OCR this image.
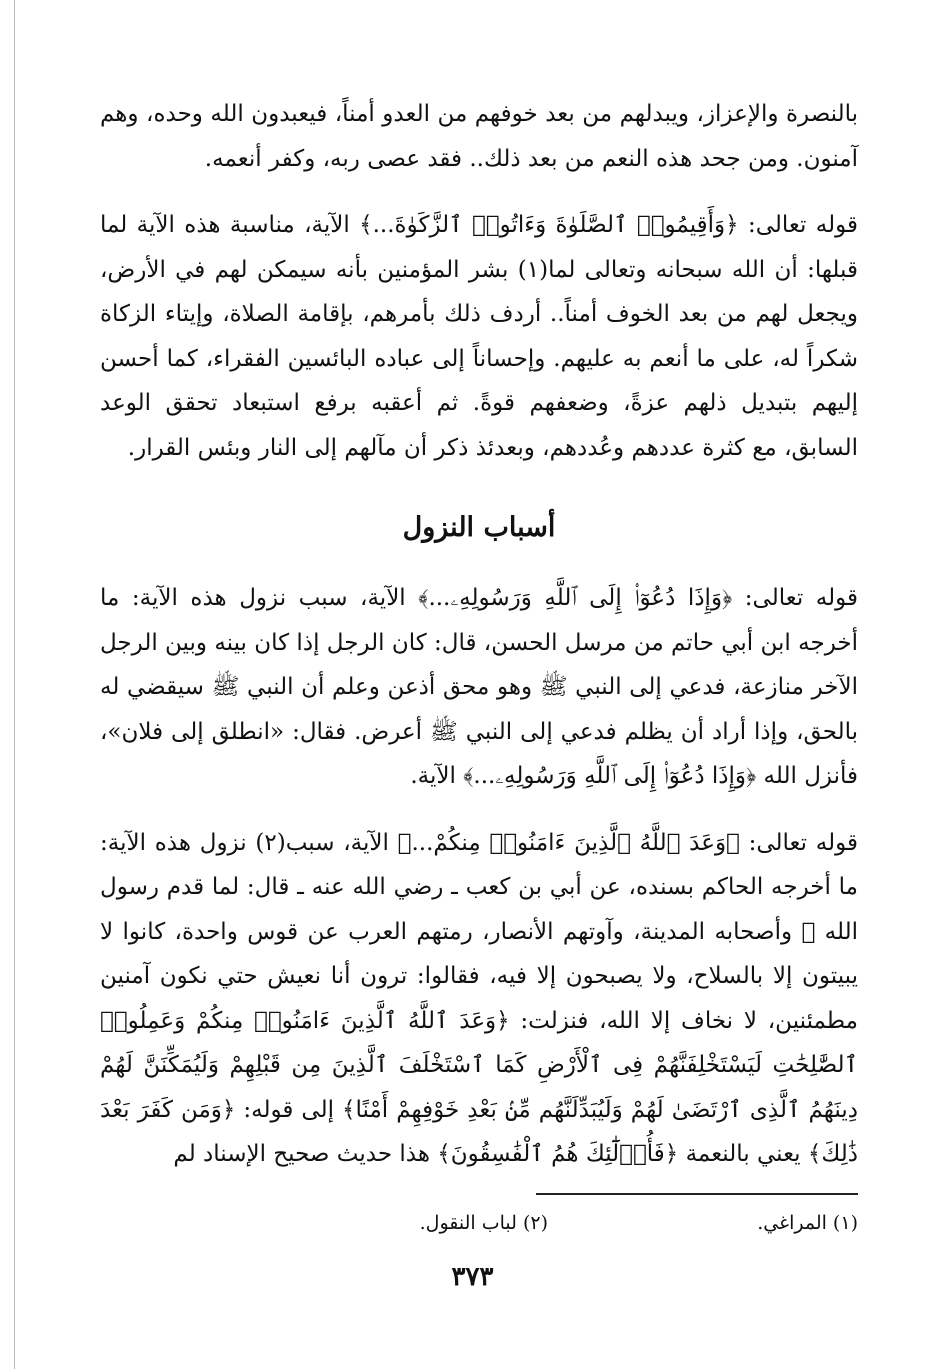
بالنصرة والإعزاز، ويبدلهم من بعد خوفهم من العدو أمناً، فيعبدون الله وحده، وهم آمنون. ومن جحد هذه النعم من بعد ذلك.. فقد عصى ربه، وكفر أنعمه.

قوله تعالى: ﴿وَأَقِيمُوا۟ ٱلصَّلَوٰةَ وَءَاتُوا۟ ٱلزَّكَوٰةَ...﴾ الآية، مناسبة هذه الآية لما قبلها: أن الله سبحانه وتعالى لما(١) بشر المؤمنين بأنه سيمكن لهم في الأرض، ويجعل لهم من بعد الخوف أمناً.. أردف ذلك بأمرهم، بإقامة الصلاة، وإيتاء الزكاة شكراً له، على ما أنعم به عليهم. وإحساناً إلى عباده البائسين الفقراء، كما أحسن إليهم بتبديل ذلهم عزةً، وضعفهم قوةً. ثم أعقبه برفع استبعاد تحقق الوعد السابق، مع كثرة عددهم وعُددهم، وبعدئذ ذكر أن مآلهم إلى النار وبئس القرار.

أسباب النزول

قوله تعالى: ﴿وَإِذَا دُعُوٓا۟ إِلَى ٱللَّهِ وَرَسُولِهِۦ...﴾ الآية، سبب نزول هذه الآية: ما أخرجه ابن أبي حاتم من مرسل الحسن، قال: كان الرجل إذا كان بينه وبين الرجل الآخر منازعة، فدعي إلى النبي ﷺ وهو محق أذعن وعلم أن النبي ﷺ سيقضي له بالحق، وإذا أراد أن يظلم فدعي إلى النبي ﷺ أعرض. فقال: «انطلق إلى فلان»، فأنزل الله ﴿وَإِذَا دُعُوٓا۟ إِلَى ٱللَّهِ وَرَسُولِهِۦ...﴾ الآية.

قوله تعالى: ﴿وَعَدَ ٱللَّهُ ٱلَّذِينَ ءَامَنُوا۟ مِنكُمْ...﴾ الآية، سبب(٢) نزول هذه الآية: ما أخرجه الحاكم بسنده، عن أبي بن كعب ـ رضي الله عنه ـ قال: لما قدم رسول الله ﷺ وأصحابه المدينة، وآوتهم الأنصار، رمتهم العرب عن قوس واحدة، كانوا لا يبيتون إلا بالسلاح، ولا يصبحون إلا فيه، فقالوا: ترون أنا نعيش حتي نكون آمنين مطمئنين، لا نخاف إلا الله، فنزلت: ﴿وَعَدَ ٱللَّهُ ٱلَّذِينَ ءَامَنُوا۟ مِنكُمْ وَعَمِلُوا۟ ٱلصَّٰلِحَٰتِ لَيَسْتَخْلِفَنَّهُمْ فِى ٱلْأَرْضِ كَمَا ٱسْتَخْلَفَ ٱلَّذِينَ مِن قَبْلِهِمْ وَلَيُمَكِّنَنَّ لَهُمْ دِينَهُمُ ٱلَّذِى ٱرْتَضَىٰ لَهُمْ وَلَيُبَدِّلَنَّهُم مِّنۢ بَعْدِ خَوْفِهِمْ أَمْنًا﴾ إلى قوله: ﴿وَمَن كَفَرَ بَعْدَ ذَٰلِكَ﴾ يعني بالنعمة ﴿فَأُو۟لَٰٓئِكَ هُمُ ٱلْفَٰسِقُونَ﴾ هذا حديث صحيح الإسناد لم

(١) المراغي.
(٢) لباب النقول.
٣٧٣
